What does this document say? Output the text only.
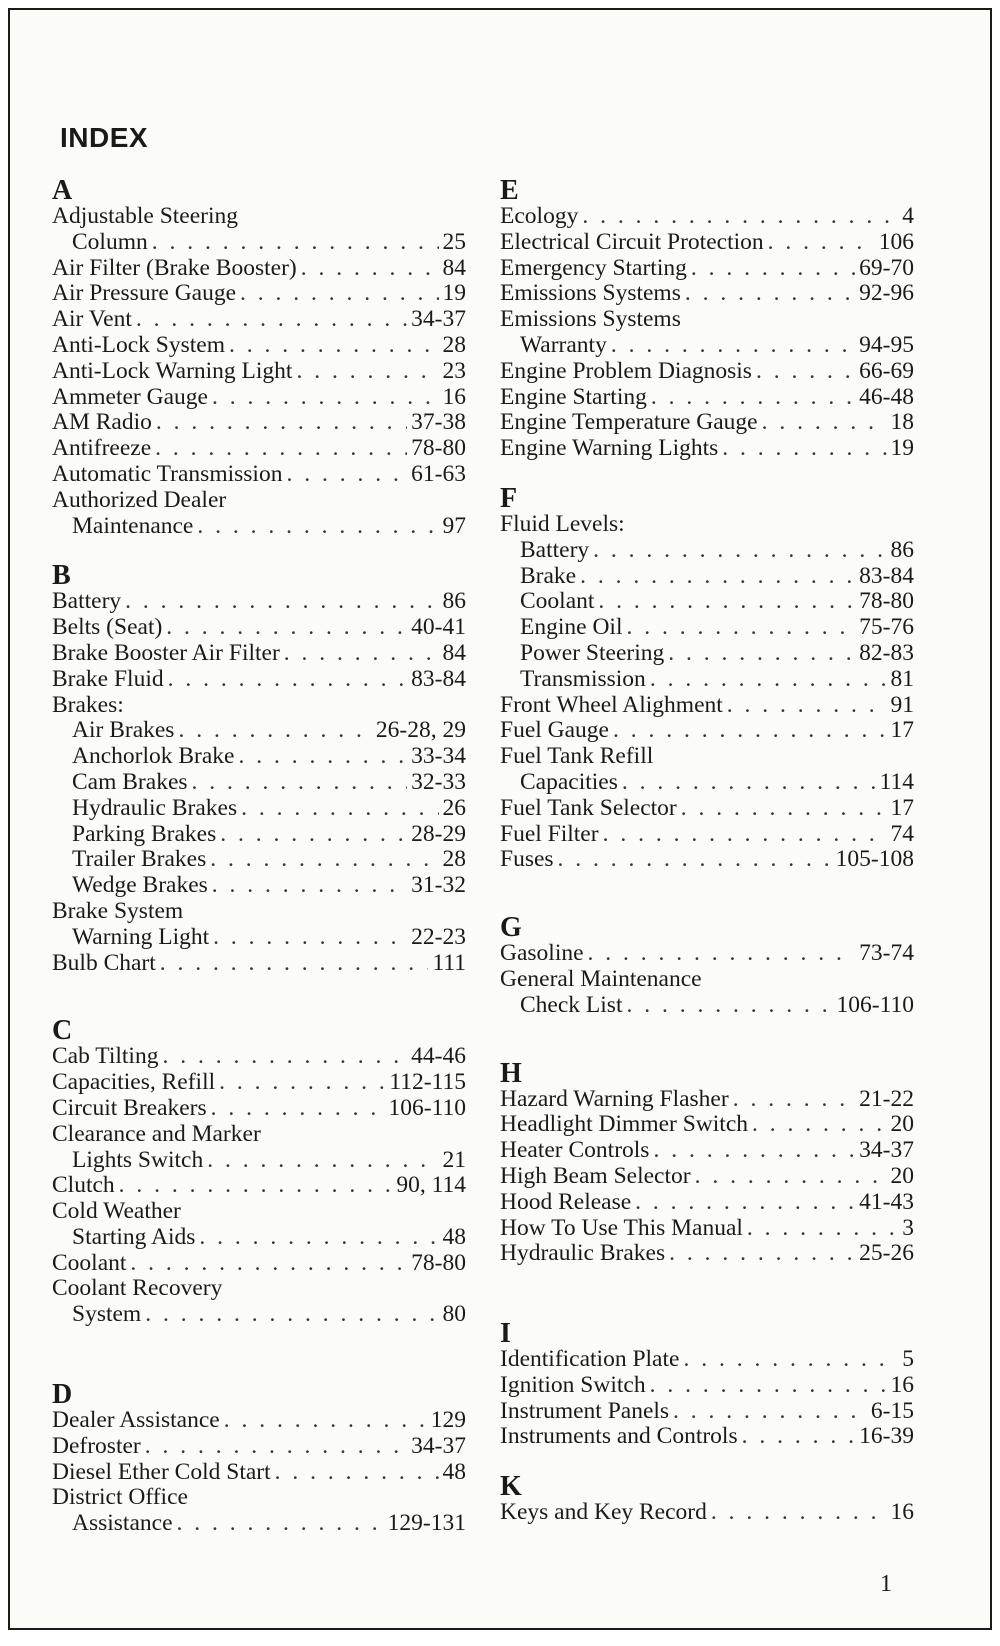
INDEX
A
Adjustable Steering
Column . . .	25
Air Filter (Brake Booster) . . .	84
Air Pressure Gauge . . .	19
Air Vent . . .	34-37
Anti-Lock System . . .	28
Anti-Lock Warning Light . . .	23
Ammeter Gauge . . .	16
AM Radio . . .	37-38
Antifreeze . . .	78-80
Automatic Transmission . . .	61-63
Authorized Dealer
Maintenance . . .	97
B
Battery . . .	86
Belts (Seat) . . .	40-41
Brake Booster Air Filter . . .	84
Brake Fluid . . .	83-84
Brakes:
Air Brakes . . .	26-28, 29
Anchorlok Brake . . .	33-34
Cam Brakes . . .	32-33
Hydraulic Brakes . . .	26
Parking Brakes . . .	28-29
Trailer Brakes . . .	28
Wedge Brakes . . .	31-32
Brake System
Warning Light . . .	22-23
Bulb Chart . . .	111
C
Cab Tilting . . .	44-46
Capacities, Refill . . .	112-115
Circuit Breakers . . .	106-110
Clearance and Marker
Lights Switch . . .	21
Clutch . . .	90, 114
Cold Weather
Starting Aids . . .	48
Coolant . . .	78-80
Coolant Recovery
System . . .	80
D
Dealer Assistance . . .	129
Defroster . . .	34-37
Diesel Ether Cold Start . . .	48
District Office
Assistance . . .	129-131
E
Ecology . . .	4
Electrical Circuit Protection . . .	106
Emergency Starting . . .	69-70
Emissions Systems . . .	92-96
Emissions Systems
Warranty . . .	94-95
Engine Problem Diagnosis . . .	66-69
Engine Starting . . .	46-48
Engine Temperature Gauge . . .	18
Engine Warning Lights . . .	19
F
Fluid Levels:
Battery . . .	86
Brake . . .	83-84
Coolant . . .	78-80
Engine Oil . . .	75-76
Power Steering . . .	82-83
Transmission . . .	81
Front Wheel Alighment . . .	91
Fuel Gauge . . .	17
Fuel Tank Refill
Capacities . . .	114
Fuel Tank Selector . . .	17
Fuel Filter . . .	74
Fuses . . .	105-108
G
Gasoline . . .	73-74
General Maintenance
Check List . . .	106-110
H
Hazard Warning Flasher . . .	21-22
Headlight Dimmer Switch . . .	20
Heater Controls . . .	34-37
High Beam Selector . . .	20
Hood Release . . .	41-43
How To Use This Manual . . .	3
Hydraulic Brakes . . .	25-26
I
Identification Plate . . .	5
Ignition Switch . . .	16
Instrument Panels . . .	6-15
Instruments and Controls . . .	16-39
K
Keys and Key Record . . .	16
1
